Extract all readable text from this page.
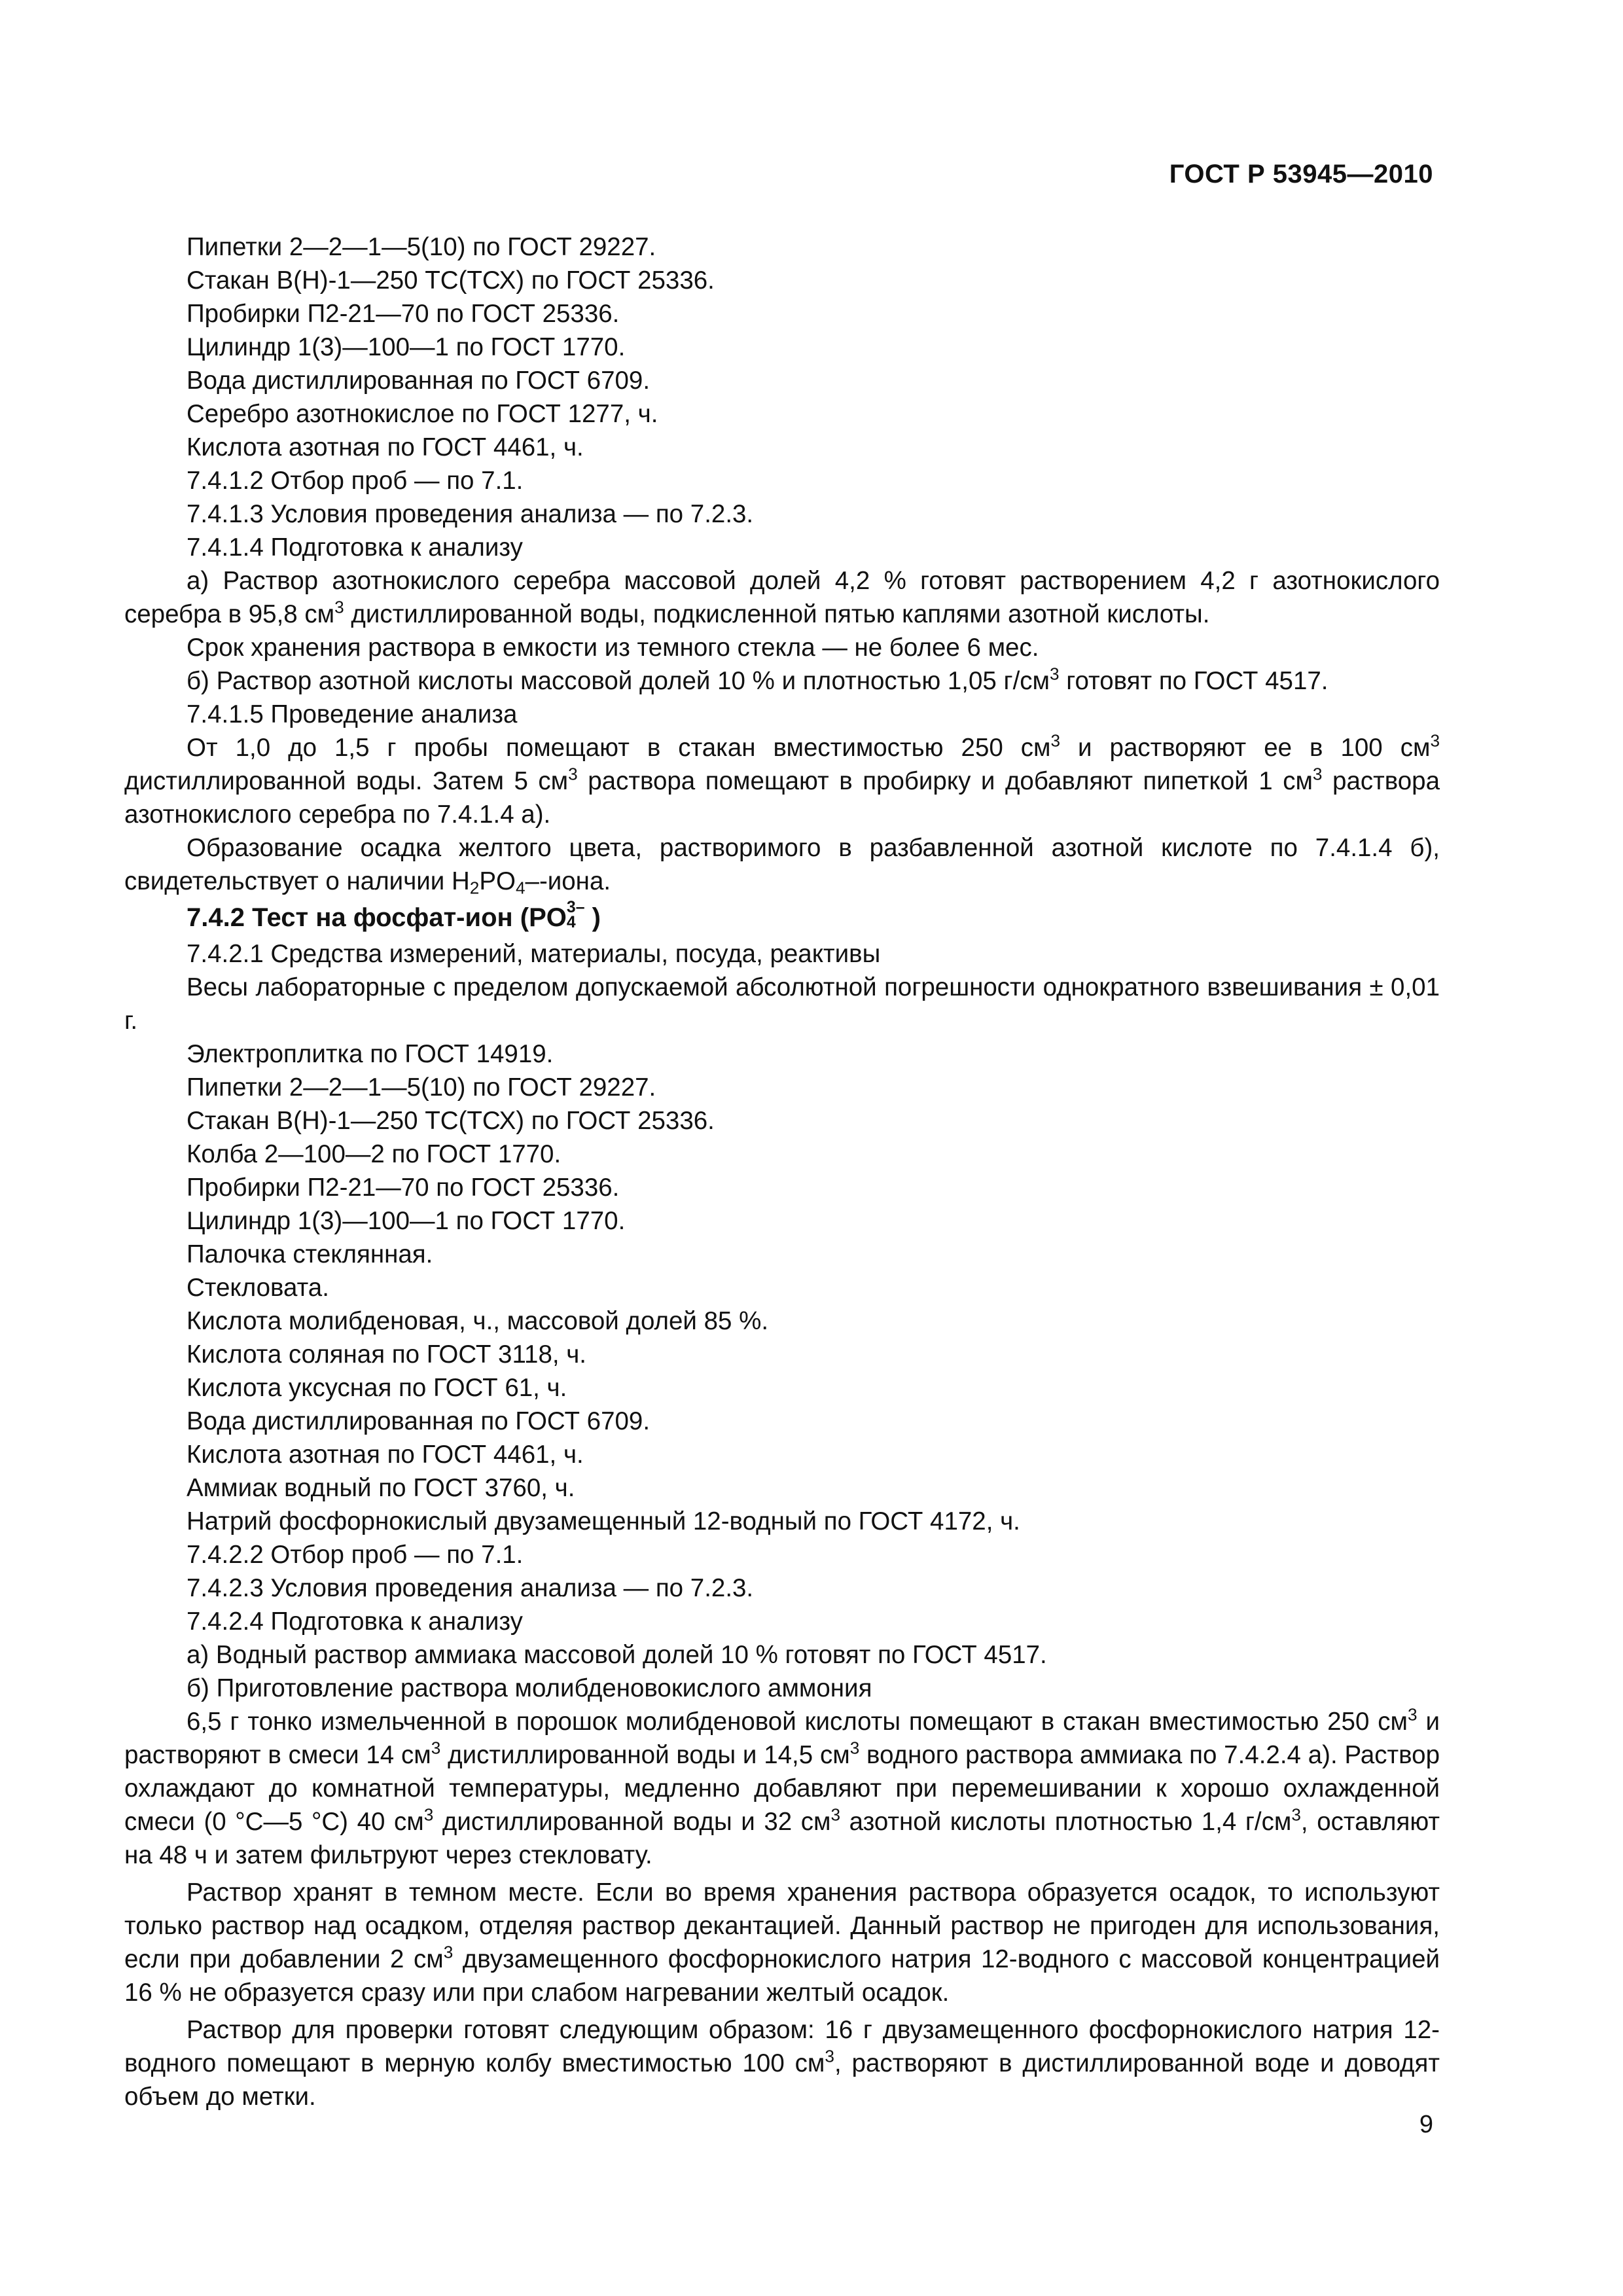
ГОСТ Р 53945—2010

Пипетки 2—2—1—5(10) по ГОСТ 29227.

Стакан В(Н)-1—250 ТС(ТСХ) по ГОСТ 25336.

Пробирки П2-21—70 по ГОСТ 25336.

Цилиндр 1(3)—100—1 по ГОСТ 1770.

Вода дистиллированная по ГОСТ 6709.

Серебро азотнокислое по ГОСТ 1277, ч.

Кислота азотная по ГОСТ 4461, ч.

7.4.1.2 Отбор проб — по 7.1.

7.4.1.3 Условия проведения анализа — по 7.2.3.

7.4.1.4 Подготовка к анализу

а) Раствор азотнокислого серебра массовой долей 4,2 % готовят растворением 4,2 г азотнокислого серебра в 95,8 $см^3$ дистиллированной воды, подкисленной пятью каплями азотной кислоты.

Срок хранения раствора в емкости из темного стекла — не более 6 мес.

б) Раствор азотной кислоты массовой долей 10 % и плотностью 1,05 $г/см^3$ готовят по ГОСТ 4517.

7.4.1.5 Проведение анализа

От 1,0 до 1,5 г пробы помещают в стакан вместимостью 250 $см^3$ и растворяют ее в 100 $см^3$ дистиллированной воды. Затем 5 $см^3$ раствора помещают в пробирку и добавляют пипеткой 1 $см^3$ раствора азотнокислого серебра по 7.4.1.4 а).

Образование осадка желтого цвета, растворимого в разбавленной азотной кислоте по 7.4.1.4 б), свидетельствует о наличии $H_2PO_4-$-иона.

7.4.2 Тест на фосфат-ион (PO 3–
4 )

7.4.2.1 Средства измерений, материалы, посуда, реактивы

Весы лабораторные с пределом допускаемой абсолютной погрешности однократного взвешивания ± 0,01 г.

Электроплитка по ГОСТ 14919.

Пипетки 2—2—1—5(10) по ГОСТ 29227.

Стакан В(Н)-1—250 ТС(ТСХ) по ГОСТ 25336.

Колба 2—100—2 по ГОСТ 1770.

Пробирки П2-21—70 по ГОСТ 25336.

Цилиндр 1(3)—100—1 по ГОСТ 1770.

Палочка стеклянная.

Стекловата.

Кислота молибденовая, ч., массовой долей 85 %.

Кислота соляная по ГОСТ 3118, ч.

Кислота уксусная по ГОСТ 61, ч.

Вода дистиллированная по ГОСТ 6709.

Кислота азотная по ГОСТ 4461, ч.

Аммиак водный по ГОСТ 3760, ч.

Натрий фосфорнокислый двузамещенный 12-водный по ГОСТ 4172, ч.

7.4.2.2 Отбор проб — по 7.1.

7.4.2.3 Условия проведения анализа — по 7.2.3.

7.4.2.4 Подготовка к анализу

а) Водный раствор аммиака массовой долей 10 % готовят по ГОСТ 4517.

б) Приготовление раствора молибденовокислого аммония

6,5 г тонко измельченной в порошок молибденовой кислоты помещают в стакан вместимостью 250 $см^3$ и растворяют в смеси 14 $см^3$ дистиллированной воды и 14,5 $см^3$ водного раствора аммиака по 7.4.2.4 а). Раствор охлаждают до комнатной температуры, медленно добавляют при перемешивании к хорошо охлажденной смеси (0 °С—5 °С) 40 $см^3$ дистиллированной воды и 32 $см^3$ азотной кислоты плотностью 1,4 $г/см^3$, оставляют на 48 ч и затем фильтруют через стекловату.

Раствор хранят в темном месте. Если во время хранения раствора образуется осадок, то используют только раствор над осадком, отделяя раствор декантацией. Данный раствор не пригоден для использования, если при добавлении 2 $см^3$ двузамещенного фосфорнокислого натрия 12-водного с массовой концентрацией 16 % не образуется сразу или при слабом нагревании желтый осадок.

Раствор для проверки готовят следующим образом: 16 г двузамещенного фосфорнокислого натрия 12-водного помещают в мерную колбу вместимостью 100 $см^3$, растворяют в дистиллированной воде и доводят объем до метки.

9
